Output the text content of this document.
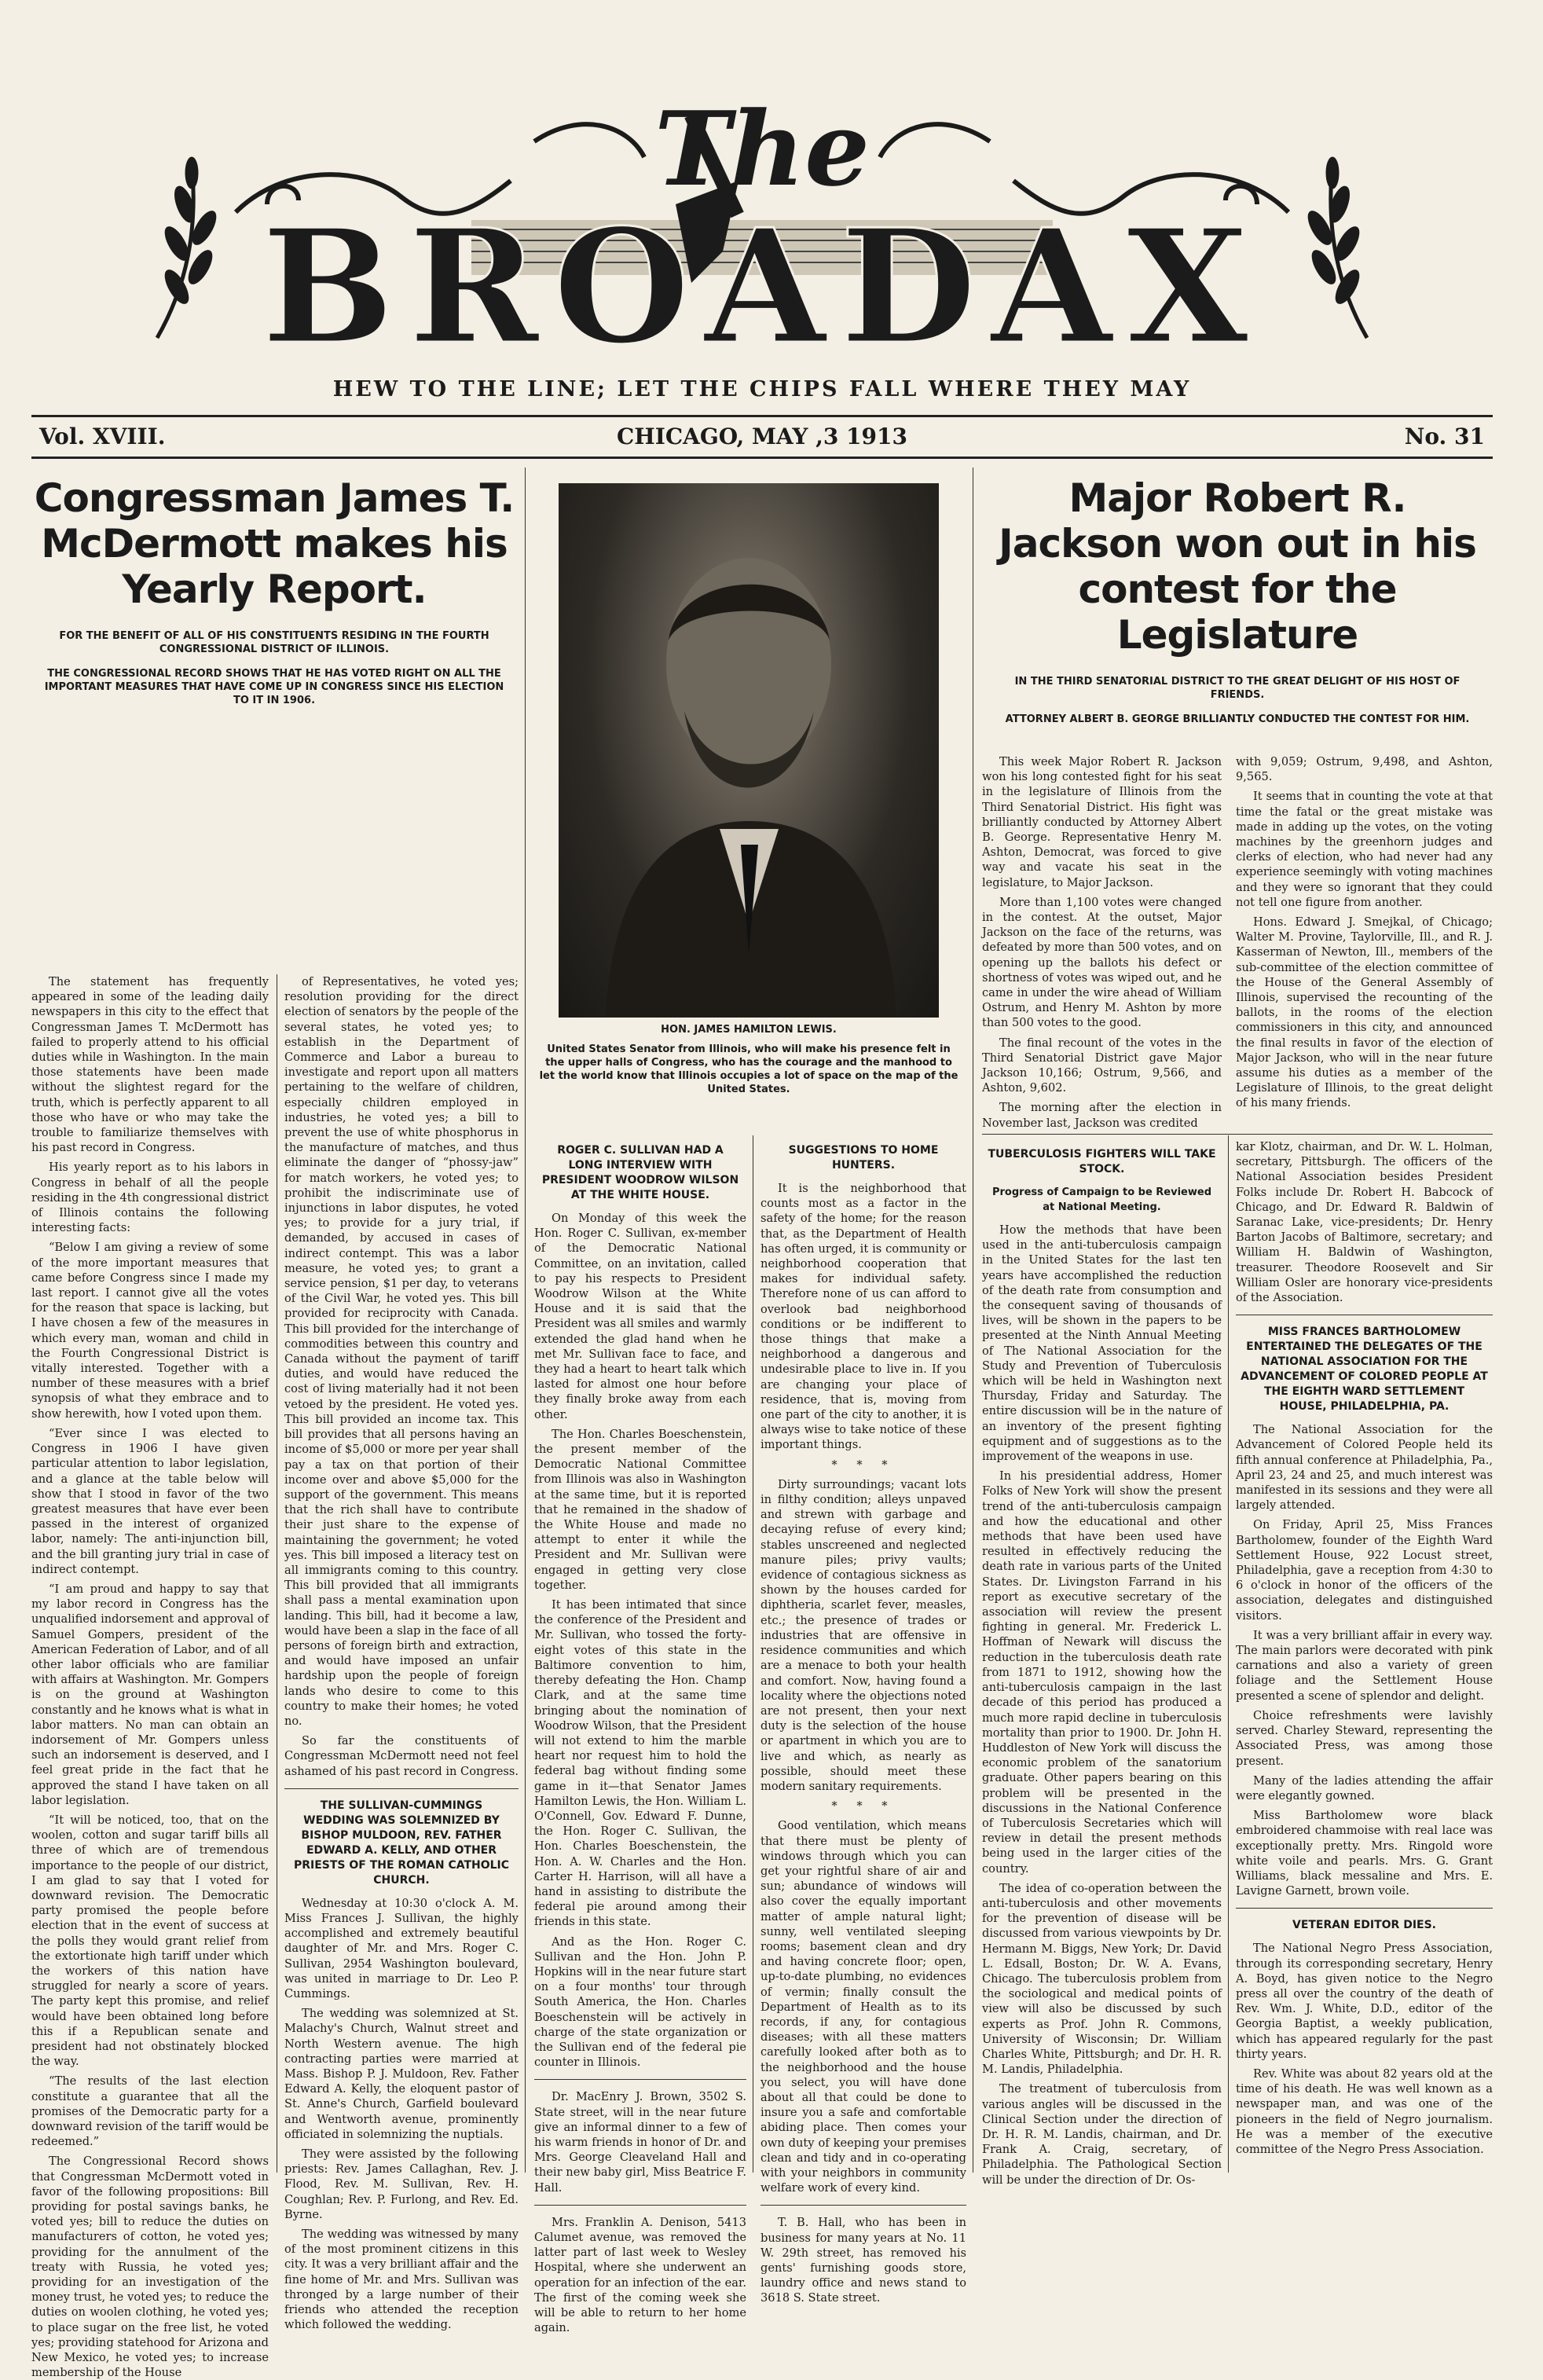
The
BROADAX
HEW TO THE LINE; LET THE CHIPS FALL WHERE THEY MAY
Vol. XVIII.	CHICAGO, MAY ,3 1913	No. 31
Congressman James T. McDermott makes his Yearly Report.
FOR THE BENEFIT OF ALL OF HIS CONSTITUENTS RESIDING IN THE FOURTH CONGRESSIONAL DISTRICT OF ILLINOIS.
THE CONGRESSIONAL RECORD SHOWS THAT HE HAS VOTED RIGHT ON ALL THE IMPORTANT MEASURES THAT HAVE COME UP IN CONGRESS SINCE HIS ELECTION TO IT IN 1906.

The statement has frequently appeared in some of the leading daily newspapers in this city to the effect that Congressman James T. McDermott has failed to properly attend to his official duties while in Washington. In the main those statements have been made without the slightest regard for the truth, which is perfectly apparent to all those who have or who may take the trouble to familiarize themselves with his past record in Congress.

His yearly report as to his labors in Congress in behalf of all the people residing in the 4th congressional district of Illinois contains the following interesting facts:

“Below I am giving a review of some of the more important measures that came before Congress since I made my last report. I cannot give all the votes for the reason that space is lacking, but I have chosen a few of the measures in which every man, woman and child in the Fourth Congressional District is vitally interested. Together with a number of these measures with a brief synopsis of what they embrace and to show herewith, how I voted upon them.

“Ever since I was elected to Congress in 1906 I have given particular attention to labor legislation, and a glance at the table below will show that I stood in favor of the two greatest measures that have ever been passed in the interest of organized labor, namely: The anti-injunction bill, and the bill granting jury trial in case of indirect contempt.

“I am proud and happy to say that my labor record in Congress has the unqualified indorsement and approval of Samuel Gompers, president of the American Federation of Labor, and of all other labor officials who are familiar with affairs at Washington. Mr. Gompers is on the ground at Washington constantly and he knows what is what in labor matters. No man can obtain an indorsement of Mr. Gompers unless such an indorsement is deserved, and I feel great pride in the fact that he approved the stand I have taken on all labor legislation.

“It will be noticed, too, that on the woolen, cotton and sugar tariff bills all three of which are of tremendous importance to the people of our district, I am glad to say that I voted for downward revision. The Democratic party promised the people before election that in the event of success at the polls they would grant relief from the extortionate high tariff under which the workers of this nation have struggled for nearly a score of years. The party kept this promise, and relief would have been obtained long before this if a Republican senate and president had not obstinately blocked the way.

“The results of the last election constitute a guarantee that all the promises of the Democratic party for a downward revision of the tariff would be redeemed.”

The Congressional Record shows that Congressman McDermott voted in favor of the following propositions: Bill providing for postal savings banks, he voted yes; bill to reduce the duties on manufacturers of cotton, he voted yes; providing for the annulment of the treaty with Russia, he voted yes; providing for an investigation of the money trust, he voted yes; to reduce the duties on woolen clothing, he voted yes; to place sugar on the free list, he voted yes; providing statehood for Arizona and New Mexico, he voted yes; to increase membership of the House

of Representatives, he voted yes; resolution providing for the direct election of senators by the people of the several states, he voted yes; to establish in the Department of Commerce and Labor a bureau to investigate and report upon all matters pertaining to the welfare of children, especially children employed in industries, he voted yes; a bill to prevent the use of white phosphorus in the manufacture of matches, and thus eliminate the danger of “phossy-jaw” for match workers, he voted yes; to prohibit the indiscriminate use of injunctions in labor disputes, he voted yes; to provide for a jury trial, if demanded, by accused in cases of indirect contempt. This was a labor measure, he voted yes; to grant a service pension, $1 per day, to veterans of the Civil War, he voted yes. This bill provided for reciprocity with Canada. This bill provided for the interchange of commodities between this country and Canada without the payment of tariff duties, and would have reduced the cost of living materially had it not been vetoed by the president. He voted yes. This bill provided an income tax. This bill provides that all persons having an income of $5,000 or more per year shall pay a tax on that portion of their income over and above $5,000 for the support of the government. This means that the rich shall have to contribute their just share to the expense of maintaining the government; he voted yes. This bill imposed a literacy test on all immigrants coming to this country. This bill provided that all immigrants shall pass a mental examination upon landing. This bill, had it become a law, would have been a slap in the face of all persons of foreign birth and extraction, and would have imposed an unfair hardship upon the people of foreign lands who desire to come to this country to make their homes; he voted no.

So far the constituents of Congressman McDermott need not feel ashamed of his past record in Congress.

THE SULLIVAN-CUMMINGS WEDDING WAS SOLEMNIZED BY BISHOP MULDOON, REV. FATHER EDWARD A. KELLY, AND OTHER PRIESTS OF THE ROMAN CATHOLIC CHURCH.

Wednesday at 10:30 o'clock A. M. Miss Frances J. Sullivan, the highly accomplished and extremely beautiful daughter of Mr. and Mrs. Roger C. Sullivan, 2954 Washington boulevard, was united in marriage to Dr. Leo P. Cummings.

The wedding was solemnized at St. Malachy's Church, Walnut street and North Western avenue. The high contracting parties were married at Mass. Bishop P. J. Muldoon, Rev. Father Edward A. Kelly, the eloquent pastor of St. Anne's Church, Garfield boulevard and Wentworth avenue, prominently officiated in solemnizing the nuptials.

They were assisted by the following priests: Rev. James Callaghan, Rev. J. Flood, Rev. M. Sullivan, Rev. H. Coughlan; Rev. P. Furlong, and Rev. Ed. Byrne.

The wedding was witnessed by many of the most prominent citizens in this city. It was a very brilliant affair and the fine home of Mr. and Mrs. Sullivan was thronged by a large number of their friends who attended the reception which followed the wedding.

HON. JAMES HAMILTON LEWIS.
United States Senator from Illinois, who will make his presence felt in the upper halls of Congress, who has the courage and the manhood to let the world know that Illinois occupies a lot of space on the map of the United States.
ROGER C. SULLIVAN HAD A LONG INTERVIEW WITH PRESIDENT WOODROW WILSON AT THE WHITE HOUSE.

On Monday of this week the Hon. Roger C. Sullivan, ex-member of the Democratic National Committee, on an invitation, called to pay his respects to President Woodrow Wilson at the White House and it is said that the President was all smiles and warmly extended the glad hand when he met Mr. Sullivan face to face, and they had a heart to heart talk which lasted for almost one hour before they finally broke away from each other.

The Hon. Charles Boeschenstein, the present member of the Democratic National Committee from Illinois was also in Washington at the same time, but it is reported that he remained in the shadow of the White House and made no attempt to enter it while the President and Mr. Sullivan were engaged in getting very close together.

It has been intimated that since the conference of the President and Mr. Sullivan, who tossed the forty-eight votes of this state in the Baltimore convention to him, thereby defeating the Hon. Champ Clark, and at the same time bringing about the nomination of Woodrow Wilson, that the President will not extend to him the marble heart nor request him to hold the federal bag without finding some game in it—that Senator James Hamilton Lewis, the Hon. William L. O'Connell, Gov. Edward F. Dunne, the Hon. Roger C. Sullivan, the Hon. Charles Boeschenstein, the Hon. A. W. Charles and the Hon. Carter H. Harrison, will all have a hand in assisting to distribute the federal pie around among their friends in this state.

And as the Hon. Roger C. Sullivan and the Hon. John P. Hopkins will in the near future start on a four months' tour through South America, the Hon. Charles Boeschenstein will be actively in charge of the state organization or the Sullivan end of the federal pie counter in Illinois.

Dr. MacEnry J. Brown, 3502 S. State street, will in the near future give an informal dinner to a few of his warm friends in honor of Dr. and Mrs. George Cleaveland Hall and their new baby girl, Miss Beatrice F. Hall.

Mrs. Franklin A. Denison, 5413 Calumet avenue, was removed the latter part of last week to Wesley Hospital, where she underwent an operation for an infection of the ear. The first of the coming week she will be able to return to her home again.

SUGGESTIONS TO HOME HUNTERS.

It is the neighborhood that counts most as a factor in the safety of the home; for the reason that, as the Department of Health has often urged, it is community or neighborhood cooperation that makes for individual safety. Therefore none of us can afford to overlook bad neighborhood conditions or be indifferent to those things that make a neighborhood a dangerous and undesirable place to live in. If you are changing your place of residence, that is, moving from one part of the city to another, it is always wise to take notice of these important things.

* * *

Dirty surroundings; vacant lots in filthy condition; alleys unpaved and strewn with garbage and decaying refuse of every kind; stables unscreened and neglected manure piles; privy vaults; evidence of contagious sickness as shown by the houses carded for diphtheria, scarlet fever, measles, etc.; the presence of trades or industries that are offensive in residence communities and which are a menace to both your health and comfort. Now, having found a locality where the objections noted are not present, then your next duty is the selection of the house or apartment in which you are to live and which, as nearly as possible, should meet these modern sanitary requirements.

* * *

Good ventilation, which means that there must be plenty of windows through which you can get your rightful share of air and sun; abundance of windows will also cover the equally important matter of ample natural light; sunny, well ventilated sleeping rooms; basement clean and dry and having concrete floor; open, up-to-date plumbing, no evidences of vermin; finally consult the Department of Health as to its records, if any, for contagious diseases; with all these matters carefully looked after both as to the neighborhood and the house you select, you will have done about all that could be done to insure you a safe and comfortable abiding place. Then comes your own duty of keeping your premises clean and tidy and in co-operating with your neighbors in community welfare work of every kind.

T. B. Hall, who has been in business for many years at No. 11 W. 29th street, has removed his gents' furnishing goods store, laundry office and news stand to 3618 S. State street.

Major Robert R. Jackson won out in his contest for the Legislature
IN THE THIRD SENATORIAL DISTRICT TO THE GREAT DELIGHT OF HIS HOST OF FRIENDS.
ATTORNEY ALBERT B. GEORGE BRILLIANTLY CONDUCTED THE CONTEST FOR HIM.

This week Major Robert R. Jackson won his long contested fight for his seat in the legislature of Illinois from the Third Senatorial District. His fight was brilliantly conducted by Attorney Albert B. George. Representative Henry M. Ashton, Democrat, was forced to give way and vacate his seat in the legislature, to Major Jackson.

More than 1,100 votes were changed in the contest. At the outset, Major Jackson on the face of the returns, was defeated by more than 500 votes, and on opening up the ballots his defect or shortness of votes was wiped out, and he came in under the wire ahead of William Ostrum, and Henry M. Ashton by more than 500 votes to the good.

The final recount of the votes in the Third Senatorial District gave Major Jackson 10,166; Ostrum, 9,566, and Ashton, 9,602.

The morning after the election in November last, Jackson was credited

with 9,059; Ostrum, 9,498, and Ashton, 9,565.

It seems that in counting the vote at that time the fatal or the great mistake was made in adding up the votes, on the voting machines by the greenhorn judges and clerks of election, who had never had any experience seemingly with voting machines and they were so ignorant that they could not tell one figure from another.

Hons. Edward J. Smejkal, of Chicago; Walter M. Provine, Taylorville, Ill., and R. J. Kasserman of Newton, Ill., members of the sub-committee of the election committee of the House of the General Assembly of Illinois, supervised the recounting of the ballots, in the rooms of the election commissioners in this city, and announced the final results in favor of the election of Major Jackson, who will in the near future assume his duties as a member of the Legislature of Illinois, to the great delight of his many friends.

TUBERCULOSIS FIGHTERS WILL TAKE STOCK.
Progress of Campaign to be Reviewed at National Meeting.

How the methods that have been used in the anti-tuberculosis campaign in the United States for the last ten years have accomplished the reduction of the death rate from consumption and the consequent saving of thousands of lives, will be shown in the papers to be presented at the Ninth Annual Meeting of The National Association for the Study and Prevention of Tuberculosis which will be held in Washington next Thursday, Friday and Saturday. The entire discussion will be in the nature of an inventory of the present fighting equipment and of suggestions as to the improvement of the weapons in use.

In his presidential address, Homer Folks of New York will show the present trend of the anti-tuberculosis campaign and how the educational and other methods that have been used have resulted in effectively reducing the death rate in various parts of the United States. Dr. Livingston Farrand in his report as executive secretary of the association will review the present fighting in general. Mr. Frederick L. Hoffman of Newark will discuss the reduction in the tuberculosis death rate from 1871 to 1912, showing how the anti-tuberculosis campaign in the last decade of this period has produced a much more rapid decline in tuberculosis mortality than prior to 1900. Dr. John H. Huddleston of New York will discuss the economic problem of the sanatorium graduate. Other papers bearing on this problem will be presented in the discussions in the National Conference of Tuberculosis Secretaries which will review in detail the present methods being used in the larger cities of the country.

The idea of co-operation between the anti-tuberculosis and other movements for the prevention of disease will be discussed from various viewpoints by Dr. Hermann M. Biggs, New York; Dr. David L. Edsall, Boston; Dr. W. A. Evans, Chicago. The tuberculosis problem from the sociological and medical points of view will also be discussed by such experts as Prof. John R. Commons, University of Wisconsin; Dr. William Charles White, Pittsburgh; and Dr. H. R. M. Landis, Philadelphia.

The treatment of tuberculosis from various angles will be discussed in the Clinical Section under the direction of Dr. H. R. M. Landis, chairman, and Dr. Frank A. Craig, secretary, of Philadelphia. The Pathological Section will be under the direction of Dr. Os-

kar Klotz, chairman, and Dr. W. L. Holman, secretary, Pittsburgh. The officers of the National Association besides President Folks include Dr. Robert H. Babcock of Chicago, and Dr. Edward R. Baldwin of Saranac Lake, vice-presidents; Dr. Henry Barton Jacobs of Baltimore, secretary; and William H. Baldwin of Washington, treasurer. Theodore Roosevelt and Sir William Osler are honorary vice-presidents of the Association.

MISS FRANCES BARTHOLOMEW ENTERTAINED THE DELEGATES OF THE NATIONAL ASSOCIATION FOR THE ADVANCEMENT OF COLORED PEOPLE AT THE EIGHTH WARD SETTLEMENT HOUSE, PHILADELPHIA, PA.

The National Association for the Advancement of Colored People held its fifth annual conference at Philadelphia, Pa., April 23, 24 and 25, and much interest was manifested in its sessions and they were all largely attended.

On Friday, April 25, Miss Frances Bartholomew, founder of the Eighth Ward Settlement House, 922 Locust street, Philadelphia, gave a reception from 4:30 to 6 o'clock in honor of the officers of the association, delegates and distinguished visitors.

It was a very brilliant affair in every way. The main parlors were decorated with pink carnations and also a variety of green foliage and the Settlement House presented a scene of splendor and delight.

Choice refreshments were lavishly served. Charley Steward, representing the Associated Press, was among those present.

Many of the ladies attending the affair were elegantly gowned.

Miss Bartholomew wore black embroidered chammoise with real lace was exceptionally pretty. Mrs. Ringold wore white voile and pearls. Mrs. G. Grant Williams, black messaline and Mrs. E. Lavigne Garnett, brown voile.

VETERAN EDITOR DIES.

The National Negro Press Association, through its corresponding secretary, Henry A. Boyd, has given notice to the Negro press all over the country of the death of Rev. Wm. J. White, D.D., editor of the Georgia Baptist, a weekly publication, which has appeared regularly for the past thirty years.

Rev. White was about 82 years old at the time of his death. He was well known as a newspaper man, and was one of the pioneers in the field of Negro journalism. He was a member of the executive committee of the Negro Press Association.
